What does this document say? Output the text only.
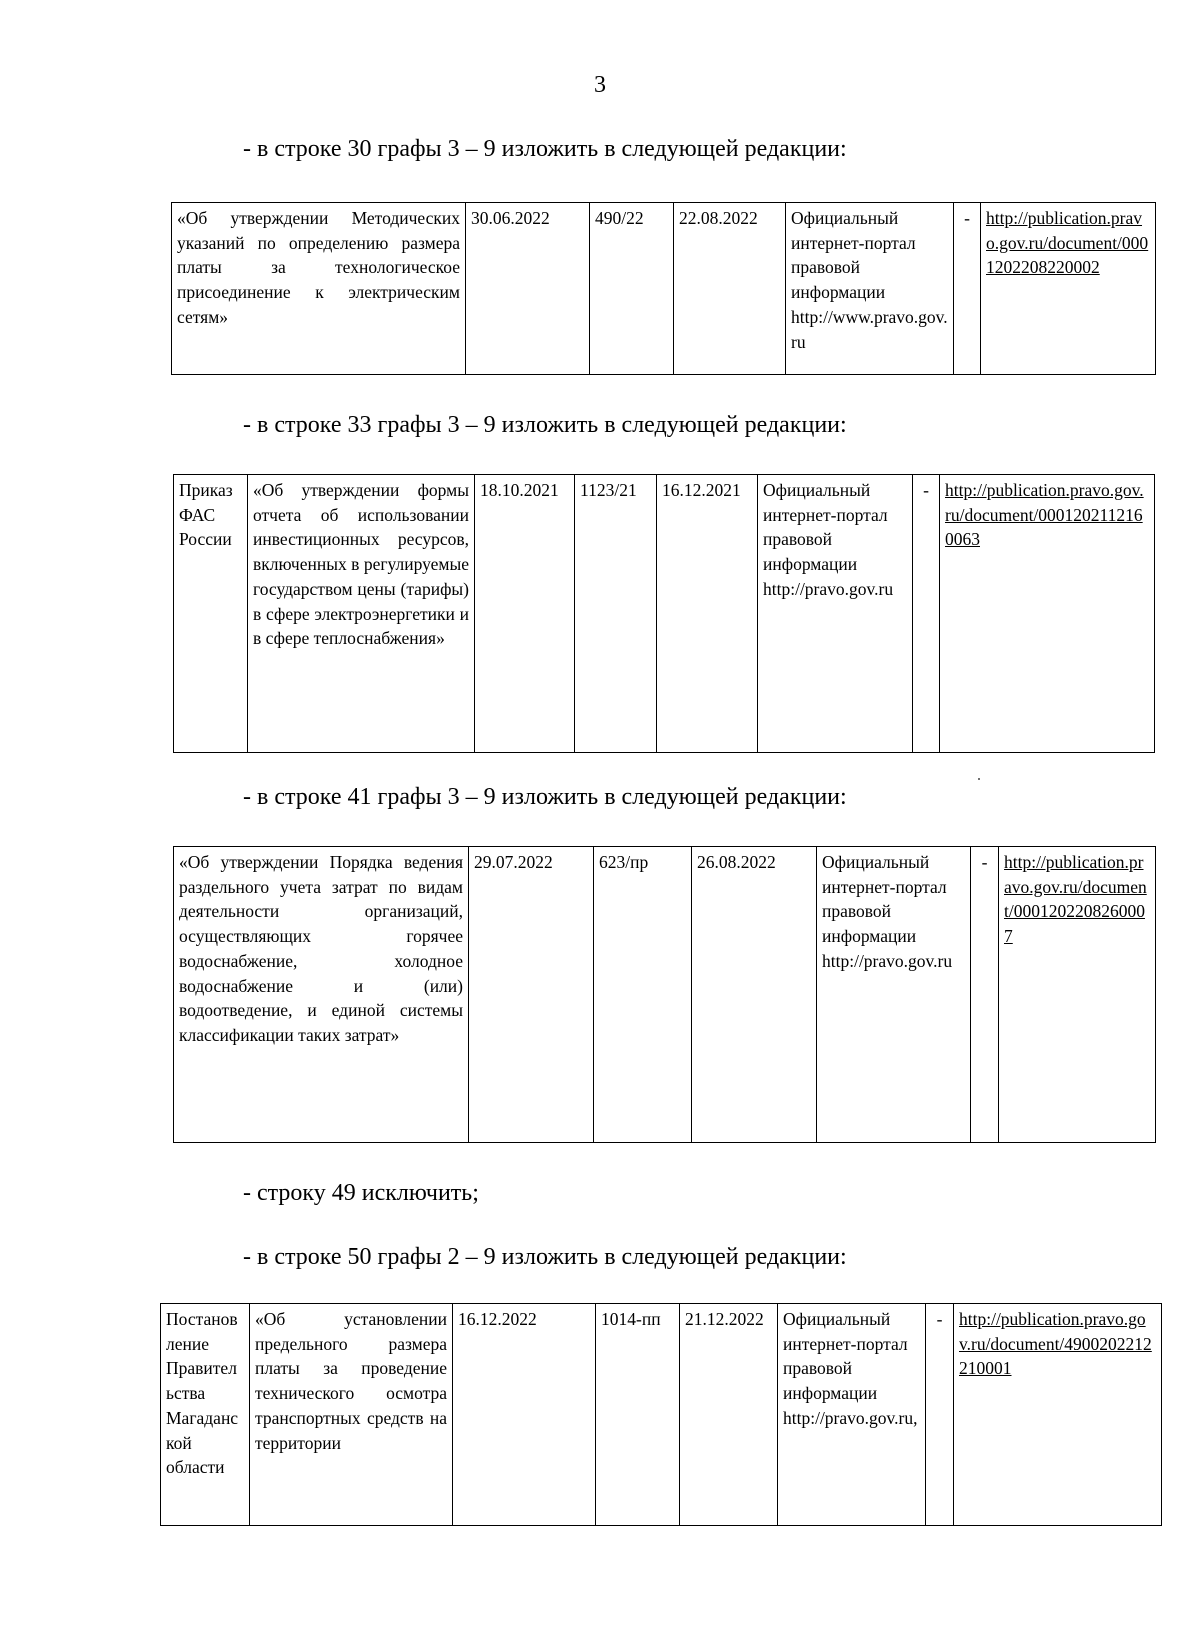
3
- в строке 30 графы 3 – 9 изложить в следующей редакции:
«Об утверждении Методических указаний по определению размера платы за технологическое присоединение к электрическим сетям»	30.06.2022	490/22	22.08.2022	Официальный интернет-портал правовой информации http://www.pravo.gov.ru	-	http://publication.pravo.gov.ru/document/0001202208220002
- в строке 33 графы 3 – 9 изложить в следующей редакции:
Приказ ФАС России	«Об утверждении формы отчета об использовании инвестиционных ресурсов, включенных в регулируемые государством цены (тарифы) в сфере электроэнергетики и в сфере теплоснабжения»	18.10.2021	1123/21	16.12.2021	Официальный интернет-портал правовой информации http://pravo.gov.ru	-	http://publication.pravo.gov.ru/document/0001202112160063
- в строке 41 графы 3 – 9 изложить в следующей редакции:
«Об утверждении Порядка ведения раздельного учета затрат по видам деятельности организаций, осуществляющих горячее водоснабжение, холодное водоснабжение и (или) водоотведение, и единой системы классификации таких затрат»	29.07.2022	623/пр	26.08.2022	Официальный интернет-портал правовой информации http://pravo.gov.ru	-	http://publication.pravo.gov.ru/document/0001202208260007
- строку 49 исключить;
- в строке 50 графы 2 – 9 изложить в следующей редакции:
Постановление Правительства Магаданской области	«Об установлении предельного размера платы за проведение технического осмотра транспортных средств на территории	16.12.2022	1014-пп	21.12.2022	Официальный интернет-портал правовой информации http://pravo.gov.ru,	-	http://publication.pravo.gov.ru/document/4900202212210001
